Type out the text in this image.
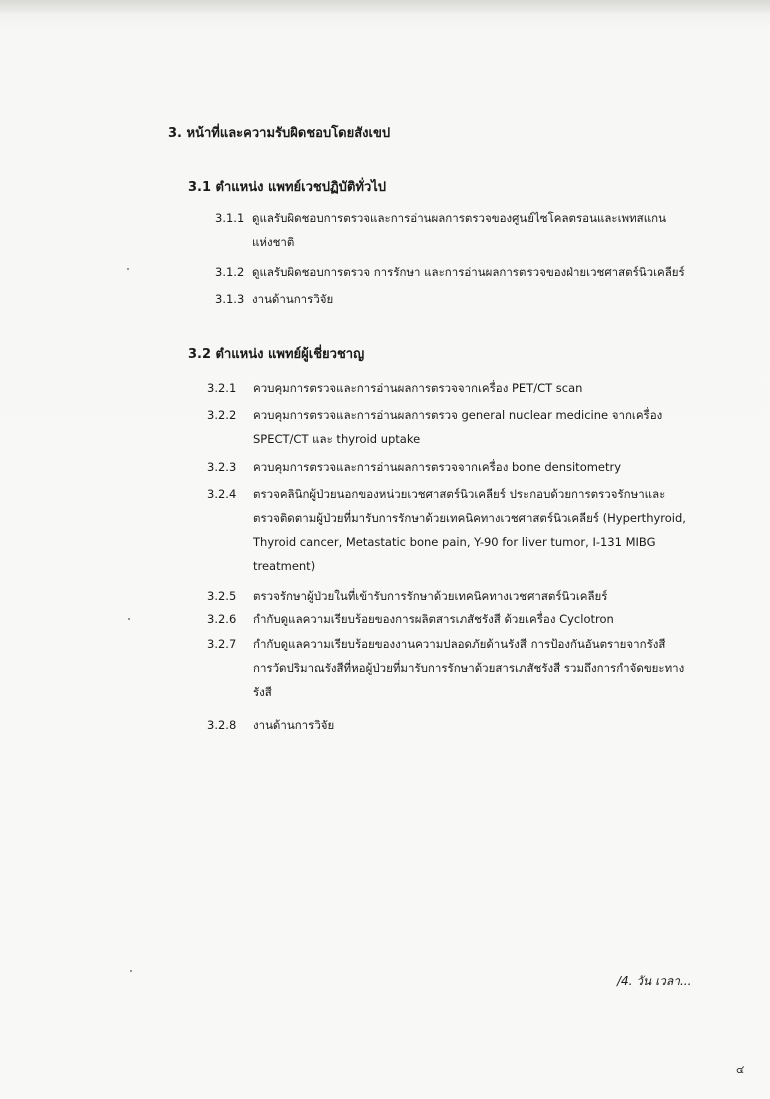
3. หน้าที่และความรับผิดชอบโดยสังเขป
3.1 ตำแหน่ง แพทย์เวชปฏิบัติทั่วไป
3.1.1 ดูแลรับผิดชอบการตรวจและการอ่านผลการตรวจของศูนย์ไซโคลตรอนและเพทสแกน
แห่งชาติ
3.1.2 ดูแลรับผิดชอบการตรวจ การรักษา และการอ่านผลการตรวจของฝ่ายเวชศาสตร์นิวเคลียร์
3.1.3 งานด้านการวิจัย
3.2 ตำแหน่ง แพทย์ผู้เชี่ยวชาญ
3.2.1 ควบคุมการตรวจและการอ่านผลการตรวจจากเครื่อง PET/CT scan
3.2.2 ควบคุมการตรวจและการอ่านผลการตรวจ general nuclear medicine จากเครื่อง
SPECT/CT และ thyroid uptake
3.2.3 ควบคุมการตรวจและการอ่านผลการตรวจจากเครื่อง bone densitometry
3.2.4 ตรวจคลินิกผู้ป่วยนอกของหน่วยเวชศาสตร์นิวเคลียร์ ประกอบด้วยการตรวจรักษาและ
ตรวจติดตามผู้ป่วยที่มารับการรักษาด้วยเทคนิคทางเวชศาสตร์นิวเคลียร์ (Hyperthyroid,
Thyroid cancer, Metastatic bone pain, Y-90 for liver tumor, I-131 MIBG
treatment)
3.2.5 ตรวจรักษาผู้ป่วยในที่เข้ารับการรักษาด้วยเทคนิคทางเวชศาสตร์นิวเคลียร์
3.2.6 กำกับดูแลความเรียบร้อยของการผลิตสารเภสัชรังสี ด้วยเครื่อง Cyclotron
3.2.7 กำกับดูแลความเรียบร้อยของงานความปลอดภัยด้านรังสี การป้องกันอันตรายจากรังสี
การวัดปริมาณรังสีที่หอผู้ป่วยที่มารับการรักษาด้วยสารเภสัชรังสี รวมถึงการกำจัดขยะทาง
รังสี
3.2.8 งานด้านการวิจัย
/4. วัน เวลา...
๔
